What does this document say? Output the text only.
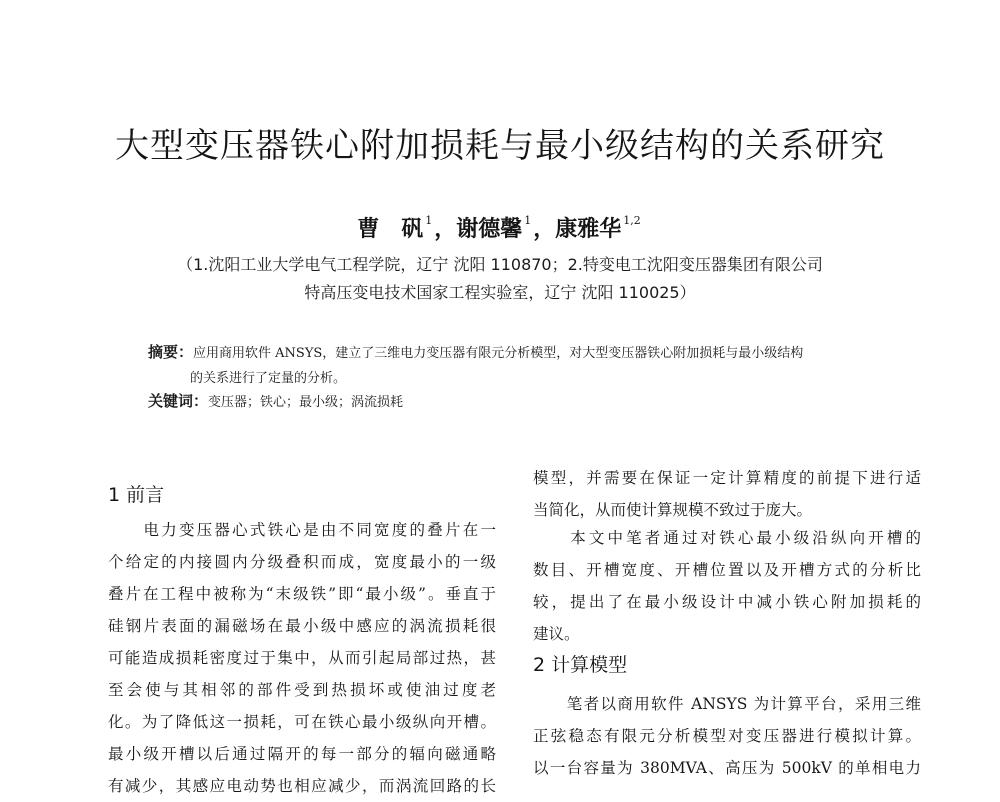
大型变压器铁心附加损耗与最小级结构的关系研究
曹　矾 $^1$，谢德馨 $^1$，康雅华 $^{1,2}$
（1.沈阳工业大学电气工程学院，辽宁 沈阳 110870；2.特变电工沈阳变压器集团有限公司
特高压变电技术国家工程实验室，辽宁 沈阳 110025）
摘要：应用商用软件 ANSYS，建立了三维电力变压器有限元分析模型，对大型变压器铁心附加损耗与最小级结构
的关系进行了定量的分析。
关键词：变压器；铁心；最小级；涡流损耗
1 前言
　　电力变压器心式铁心是由不同宽度的叠片在一
个给定的内接圆内分级叠积而成，宽度最小的一级
叠片在工程中被称为“末级铁”即“最小级”。垂直于
硅钢片表面的漏磁场在最小级中感应的涡流损耗很
可能造成损耗密度过于集中，从而引起局部过热，甚
至会使与其相邻的部件受到热损坏或使油过度老
化。为了降低这一损耗，可在铁心最小级纵向开槽。
最小级开槽以后通过隔开的每一部分的辐向磁通略
有减少，其感应电动势也相应减少，而涡流回路的长
模型，并需要在保证一定计算精度的前提下进行适
当简化，从而使计算规模不致过于庞大。
　　本文中笔者通过对铁心最小级沿纵向开槽的
数目、开槽宽度、开槽位置以及开槽方式的分析比
较，提出了在最小级设计中减小铁心附加损耗的
建议。
2 计算模型
　　笔者以商用软件 ANSYS 为计算平台，采用三维
正弦稳态有限元分析模型对变压器进行模拟计算。
以一台容量为 380MVA、高压为 500kV 的单相电力
